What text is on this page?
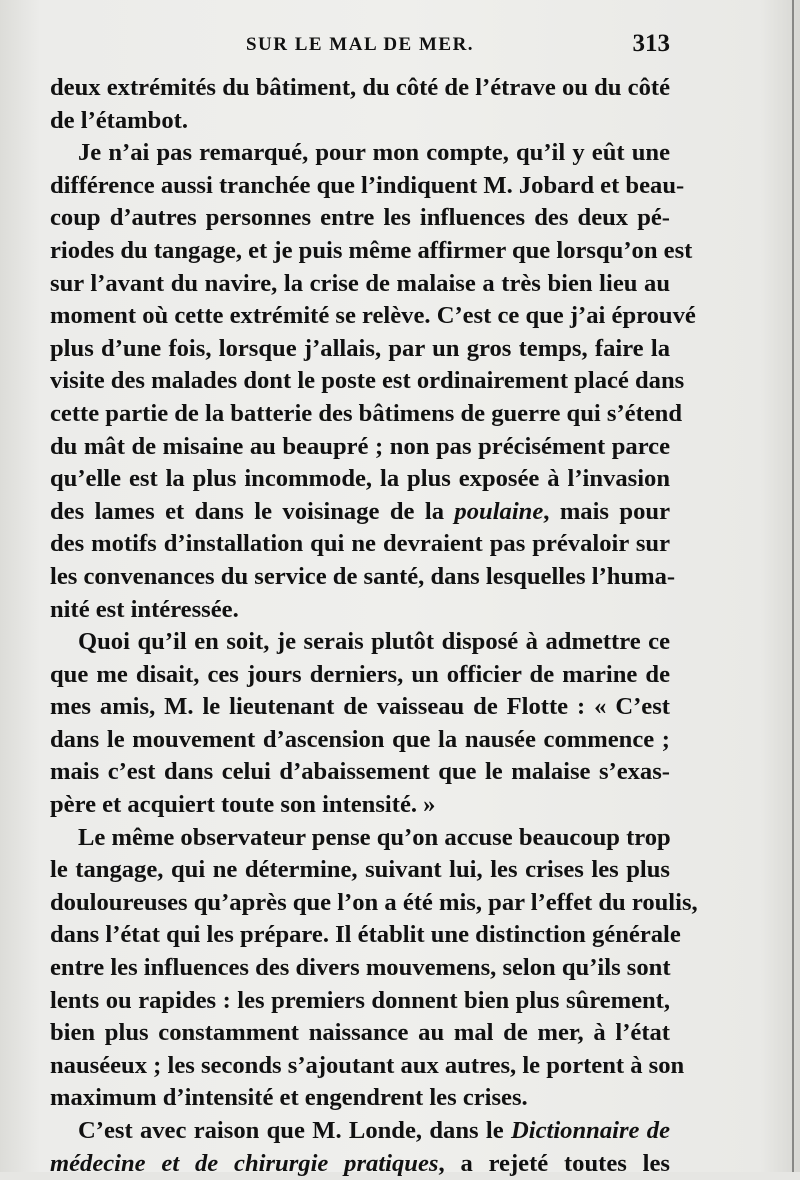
SUR LE MAL DE MER.	313
deux extrémités du bâtiment, du côté de l’étrave ou du côté
de l’étambot.
Je n’ai pas remarqué, pour mon compte, qu’il y eût une
différence aussi tranchée que l’indiquent M. Jobard et beau-
coup d’autres personnes entre les influences des deux pé-
riodes du tangage, et je puis même affirmer que lorsqu’on est
sur l’avant du navire, la crise de malaise a très bien lieu au
moment où cette extrémité se relève. C’est ce que j’ai éprouvé
plus d’une fois, lorsque j’allais, par un gros temps, faire la
visite des malades dont le poste est ordinairement placé dans
cette partie de la batterie des bâtimens de guerre qui s’étend
du mât de misaine au beaupré ; non pas précisément parce
qu’elle est la plus incommode, la plus exposée à l’invasion
des lames et dans le voisinage de la poulaine, mais pour
des motifs d’installation qui ne devraient pas prévaloir sur
les convenances du service de santé, dans lesquelles l’huma-
nité est intéressée.
Quoi qu’il en soit, je serais plutôt disposé à admettre ce
que me disait, ces jours derniers, un officier de marine de
mes amis, M. le lieutenant de vaisseau de Flotte : « C’est
dans le mouvement d’ascension que la nausée commence ;
mais c’est dans celui d’abaissement que le malaise s’exas-
père et acquiert toute son intensité. »
Le même observateur pense qu’on accuse beaucoup trop
le tangage, qui ne détermine, suivant lui, les crises les plus
douloureuses qu’après que l’on a été mis, par l’effet du roulis,
dans l’état qui les prépare. Il établit une distinction générale
entre les influences des divers mouvemens, selon qu’ils sont
lents ou rapides : les premiers donnent bien plus sûrement,
bien plus constamment naissance au mal de mer, à l’état
nauséeux ; les seconds s’ajoutant aux autres, le portent à son
maximum d’intensité et engendrent les crises.
C’est avec raison que M. Londe, dans le Dictionnaire de
médecine et de chirurgie pratiques, a rejeté toutes les
